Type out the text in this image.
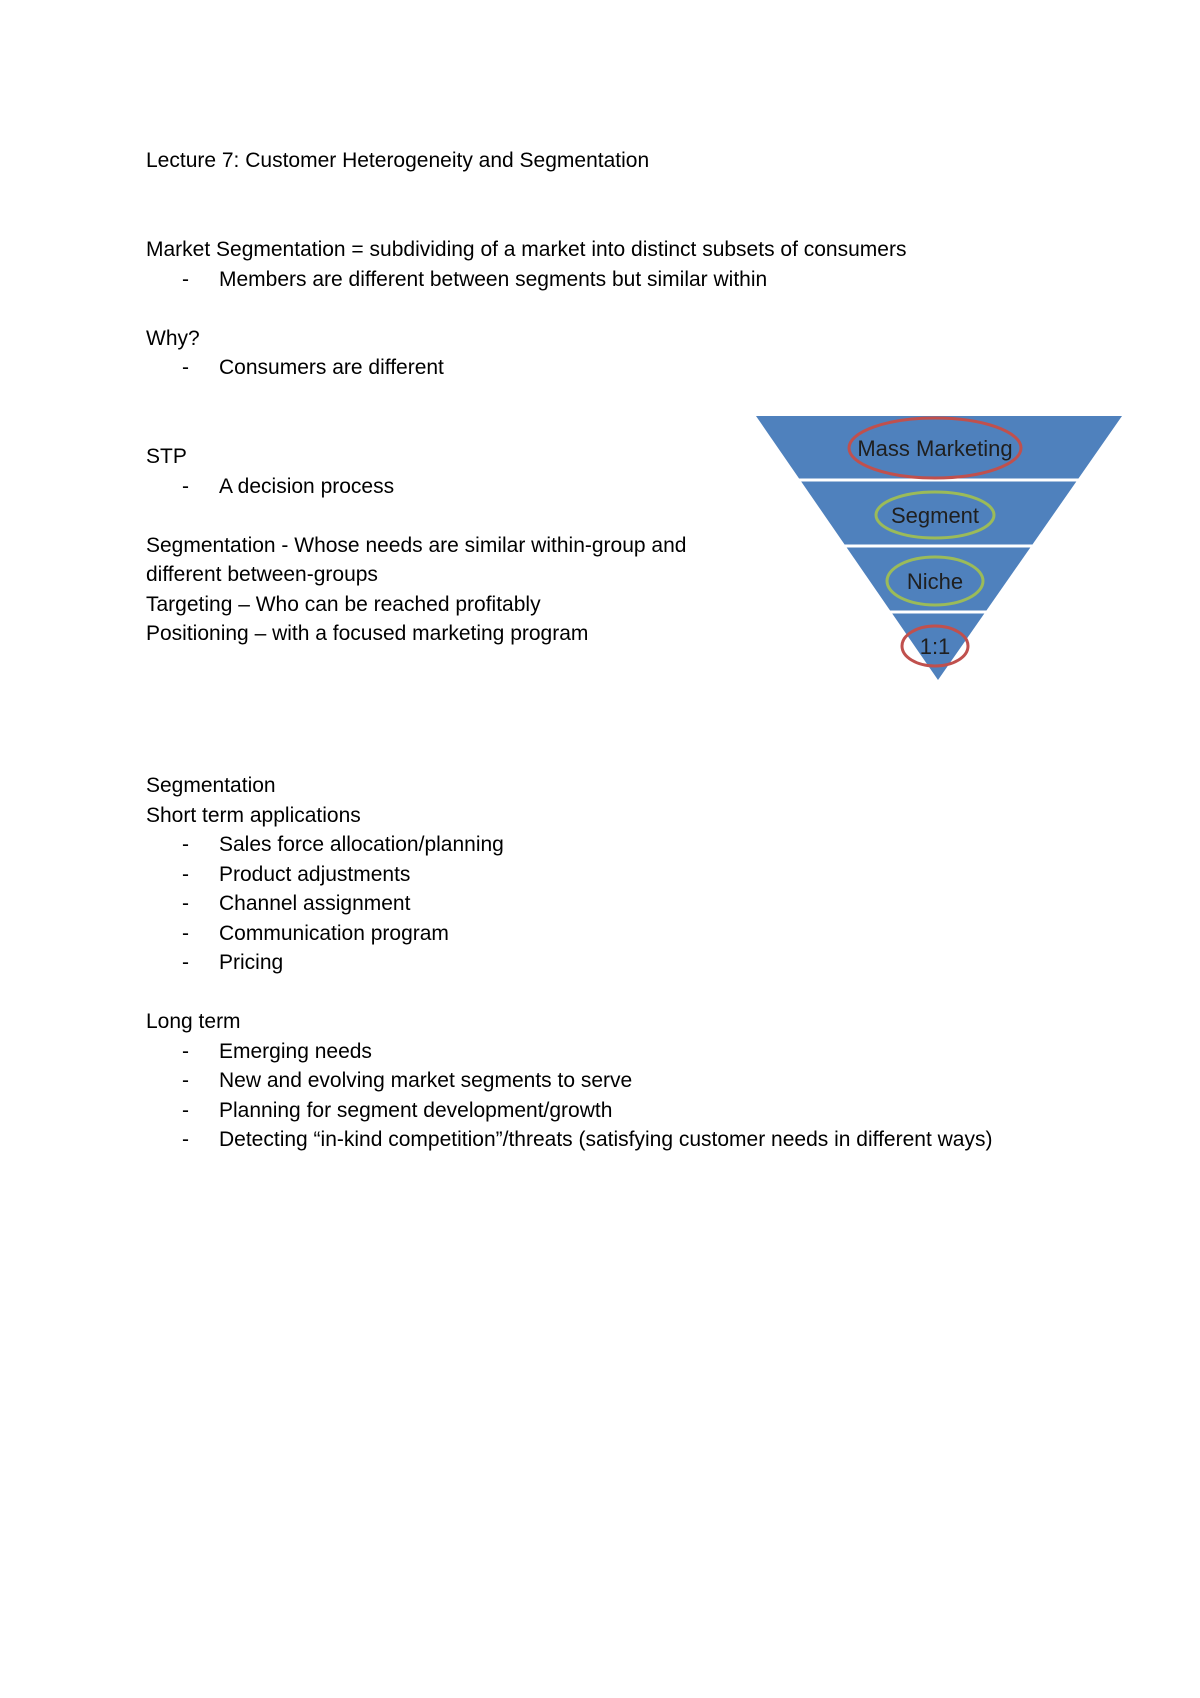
Lecture 7: Customer Heterogeneity and Segmentation
Market Segmentation = subdividing of a market into distinct subsets of consumers
- Members are different between segments but similar within
Why?
- Consumers are different
STP
- A decision process
Segmentation - Whose needs are similar within-group and
different between-groups
Targeting – Who can be reached profitably
Positioning – with a focused marketing program
Mass Marketing
Segment
Niche
1:1
Segmentation
Short term applications
- Sales force allocation/planning
- Product adjustments
- Channel assignment
- Communication program
- Pricing
Long term
- Emerging needs
- New and evolving market segments to serve
- Planning for segment development/growth
- Detecting “in-kind competition”/threats (satisfying customer needs in different ways)
